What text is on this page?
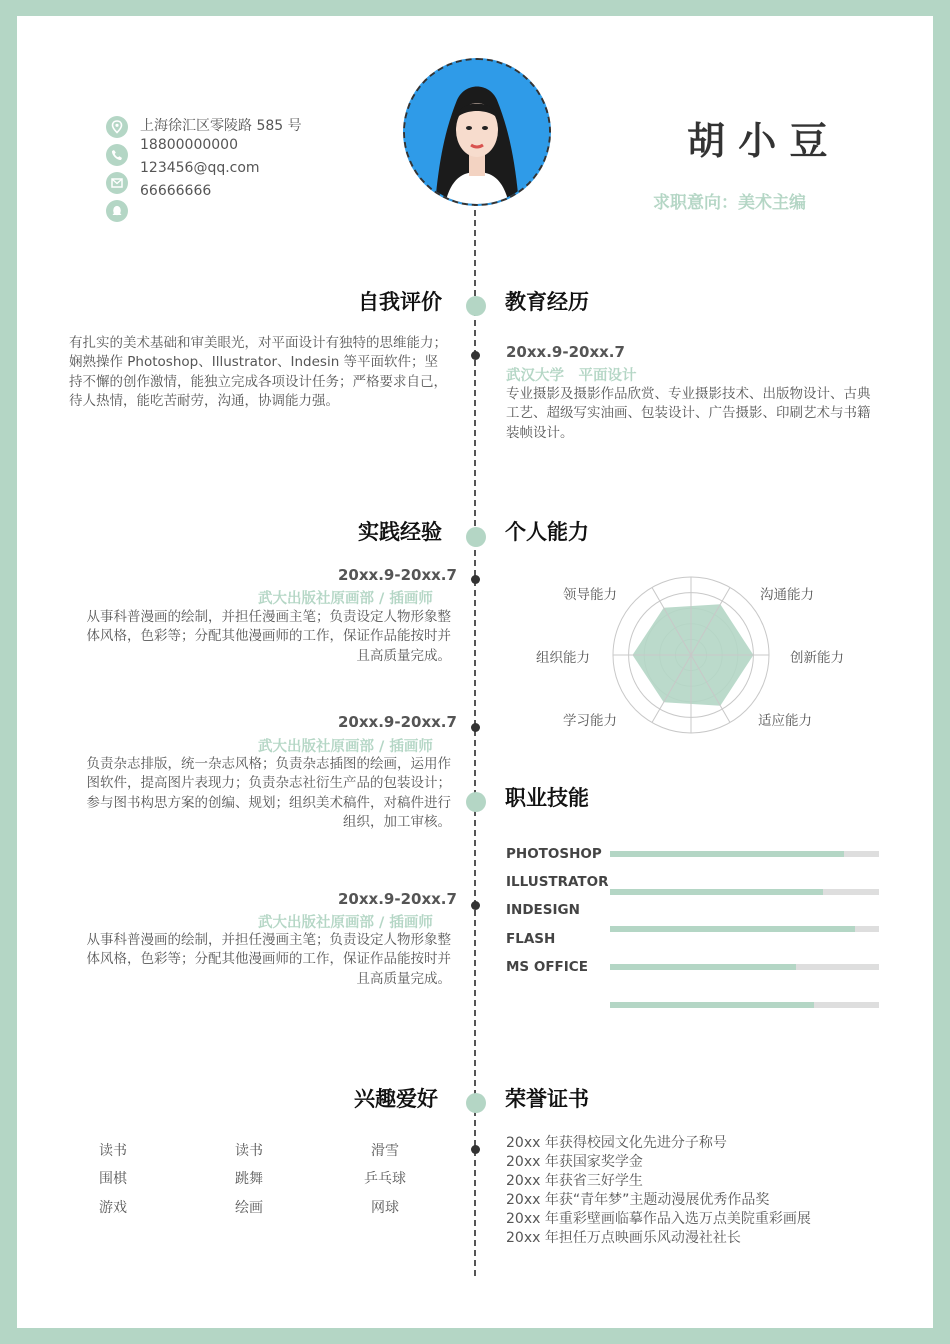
上海徐汇区零陵路 585 号
18800000000
123456@qq.com
66666666
胡 小 豆
求职意向：美术主编
自我评价

有扎实的美术基础和审美眼光，对平面设计有独特的思维能力；娴熟操作 Photoshop、Illustrator、Indesin 等平面软件；坚持不懈的创作激情，能独立完成各项设计任务；严格要求自己，待人热情，能吃苦耐劳，沟通，协调能力强。

教育经历
20xx.9-20xx.7
武汉大学　平面设计

专业摄影及摄影作品欣赏、专业摄影技术、出版物设计、古典工艺、超级写实油画、包装设计、广告摄影、印刷艺术与书籍装帧设计。

实践经验
20xx.9-20xx.7
武大出版社原画部 / 插画师

从事科普漫画的绘制，并担任漫画主笔；负责设定人物形象整体风格，色彩等；分配其他漫画师的工作，保证作品能按时并且高质量完成。

20xx.9-20xx.7
武大出版社原画部 / 插画师

负责杂志排版，统一杂志风格；负责杂志插图的绘画，运用作图软件，提高图片表现力；负责杂志社衍生产品的包装设计；参与图书构思方案的创编、规划；组织美术稿件，对稿件进行组织，加工审核。

20xx.9-20xx.7
武大出版社原画部 / 插画师

从事科普漫画的绘制，并担任漫画主笔；负责设定人物形象整体风格，色彩等；分配其他漫画师的工作，保证作品能按时并且高质量完成。

个人能力
领导能力	沟通能力
组织能力	创新能力
学习能力	适应能力
职业技能
PHOTOSHOP
ILLUSTRATOR
INDESIGN
FLASH
MS OFFICE
兴趣爱好
读书	读书	滑雪
围棋	跳舞	乒乓球
游戏	绘画	网球
荣誉证书
20xx 年获得校园文化先进分子称号
20xx 年获国家奖学金
20xx 年获省三好学生
20xx 年获“青年梦”主题动漫展优秀作品奖
20xx 年重彩壁画临摹作品入选万点美院重彩画展
20xx 年担任万点映画乐风动漫社社长
